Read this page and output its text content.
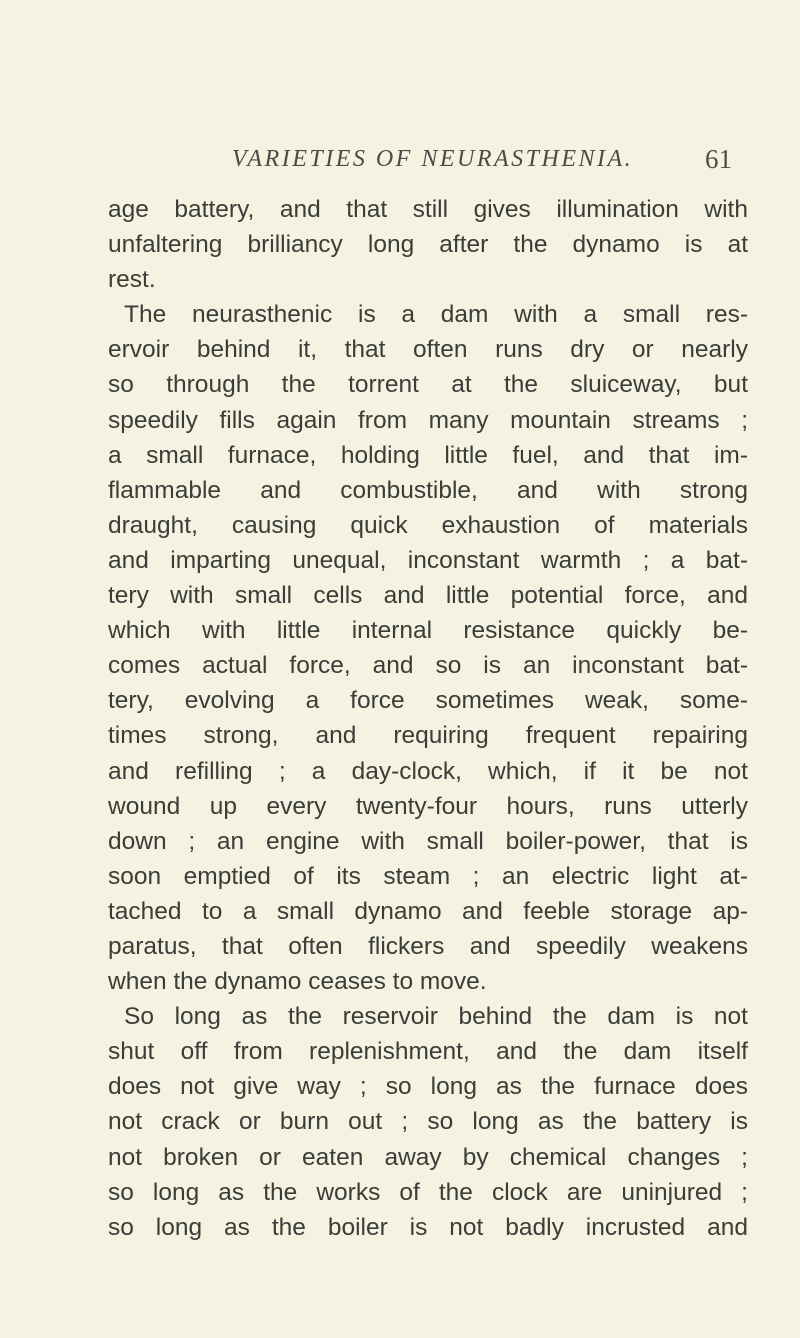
VARIETIES OF NEURASTHENIA.	61
age battery, and that still gives illumination with
unfaltering brilliancy long after the dynamo is at
rest.
The neurasthenic is a dam with a small res-
ervoir behind it, that often runs dry or nearly
so through the torrent at the sluiceway, but
speedily fills again from many mountain streams ;
a small furnace, holding little fuel, and that im-
flammable and combustible, and with strong
draught, causing quick exhaustion of materials
and imparting unequal, inconstant warmth ; a bat-
tery with small cells and little potential force, and
which with little internal resistance quickly be-
comes actual force, and so is an inconstant bat-
tery, evolving a force sometimes weak, some-
times strong, and requiring frequent repairing
and refilling ; a day-clock, which, if it be not
wound up every twenty-four hours, runs utterly
down ; an engine with small boiler-power, that is
soon emptied of its steam ; an electric light at-
tached to a small dynamo and feeble storage ap-
paratus, that often flickers and speedily weakens
when the dynamo ceases to move.
So long as the reservoir behind the dam is not
shut off from replenishment, and the dam itself
does not give way ; so long as the furnace does
not crack or burn out ; so long as the battery is
not broken or eaten away by chemical changes ;
so long as the works of the clock are uninjured ;
so long as the boiler is not badly incrusted and
